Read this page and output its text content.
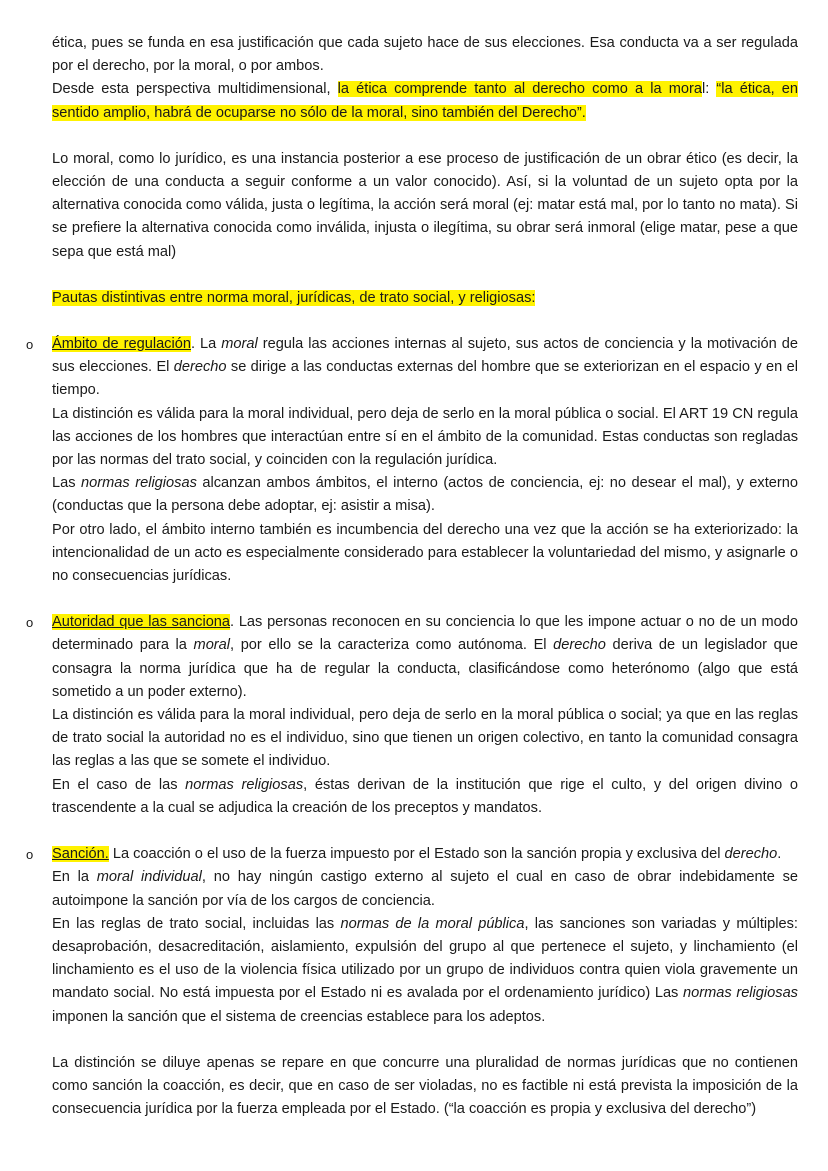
ética, pues se funda en esa justificación que cada sujeto hace de sus elecciones. Esa conducta va a ser regulada por el derecho, por la moral, o por ambos.

Desde esta perspectiva multidimensional, la ética comprende tanto al derecho como a la moral: “la ética, en sentido amplio, habrá de ocuparse no sólo de la moral, sino también del Derecho”.

Lo moral, como lo jurídico, es una instancia posterior a ese proceso de justificación de un obrar ético (es decir, la elección de una conducta a seguir conforme a un valor conocido). Así, si la voluntad de un sujeto opta por la alternativa conocida como válida, justa o legítima, la acción será moral (ej: matar está mal, por lo tanto no mata). Si se prefiere la alternativa conocida como inválida, injusta o ilegítima, su obrar será inmoral (elige matar, pese a que sepa que está mal)

Pautas distintivas entre norma moral, jurídicas, de trato social, y religiosas:

o Ámbito de regulación. La moral regula las acciones internas al sujeto, sus actos de conciencia y la motivación de sus elecciones. El derecho se dirige a las conductas externas del hombre que se exteriorizan en el espacio y en el tiempo.

La distinción es válida para la moral individual, pero deja de serlo en la moral pública o social. El ART 19 CN regula las acciones de los hombres que interactúan entre sí en el ámbito de la comunidad. Estas conductas son regladas por las normas del trato social, y coinciden con la regulación jurídica.

Las normas religiosas alcanzan ambos ámbitos, el interno (actos de conciencia, ej: no desear el mal), y externo (conductas que la persona debe adoptar, ej: asistir a misa).

Por otro lado, el ámbito interno también es incumbencia del derecho una vez que la acción se ha exteriorizado: la intencionalidad de un acto es especialmente considerado para establecer la voluntariedad del mismo, y asignarle o no consecuencias jurídicas.

o Autoridad que las sanciona. Las personas reconocen en su conciencia lo que les impone actuar o no de un modo determinado para la moral, por ello se la caracteriza como autónoma. El derecho deriva de un legislador que consagra la norma jurídica que ha de regular la conducta, clasificándose como heterónomo (algo que está sometido a un poder externo).

La distinción es válida para la moral individual, pero deja de serlo en la moral pública o social; ya que en las reglas de trato social la autoridad no es el individuo, sino que tienen un origen colectivo, en tanto la comunidad consagra las reglas a las que se somete el individuo.

En el caso de las normas religiosas, éstas derivan de la institución que rige el culto, y del origen divino o trascendente a la cual se adjudica la creación de los preceptos y mandatos.

o Sanción. La coacción o el uso de la fuerza impuesto por el Estado son la sanción propia y exclusiva del derecho.

En la moral individual, no hay ningún castigo externo al sujeto el cual en caso de obrar indebidamente se autoimpone la sanción por vía de los cargos de conciencia.

En las reglas de trato social, incluidas las normas de la moral pública, las sanciones son variadas y múltiples: desaprobación, desacreditación, aislamiento, expulsión del grupo al que pertenece el sujeto, y linchamiento (el linchamiento es el uso de la violencia física utilizado por un grupo de individuos contra quien viola gravemente un mandato social. No está impuesta por el Estado ni es avalada por el ordenamiento jurídico) Las normas religiosas imponen la sanción que el sistema de creencias establece para los adeptos.

La distinción se diluye apenas se repare en que concurre una pluralidad de normas jurídicas que no contienen como sanción la coacción, es decir, que en caso de ser violadas, no es factible ni está prevista la imposición de la consecuencia jurídica por la fuerza empleada por el Estado. (“la coacción es propia y exclusiva del derecho”)
